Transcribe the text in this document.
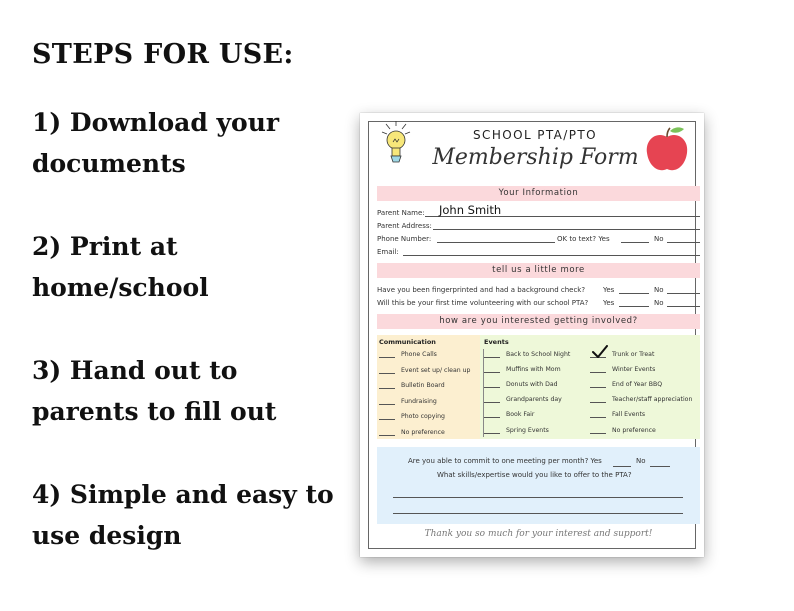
STEPS FOR USE:
1) Download your documents
2) Print at home/school
3) Hand out to parents to fill out
4) Simple and easy to use design
SCHOOL PTA/PTO
Membership Form
Your Information
Parent Name: John Smith
Parent Address:
Phone Number:	OK to text? Yes	No
Email:
tell us a little more
Have you been fingerprinted and had a background check?	Yes	No
Will this be your first time volunteering with our school PTA? Yes	No
how are you interested getting involved?
Communication
Phone Calls
Event set up/ clean up
Bulletin Board
Fundraising
Photo copying
No preference
Events
Back to School Night
Muffins with Mom
Donuts with Dad
Grandparents day
Book Fair
Spring Events
Trunk or Treat
Winter Events
End of Year BBQ
Teacher/staff appreciation
Fall Events
No preference
Are you able to commit to one meeting per month? Yes	No
What skills/expertise would you like to offer to the PTA?
Thank you so much for your interest and support!
